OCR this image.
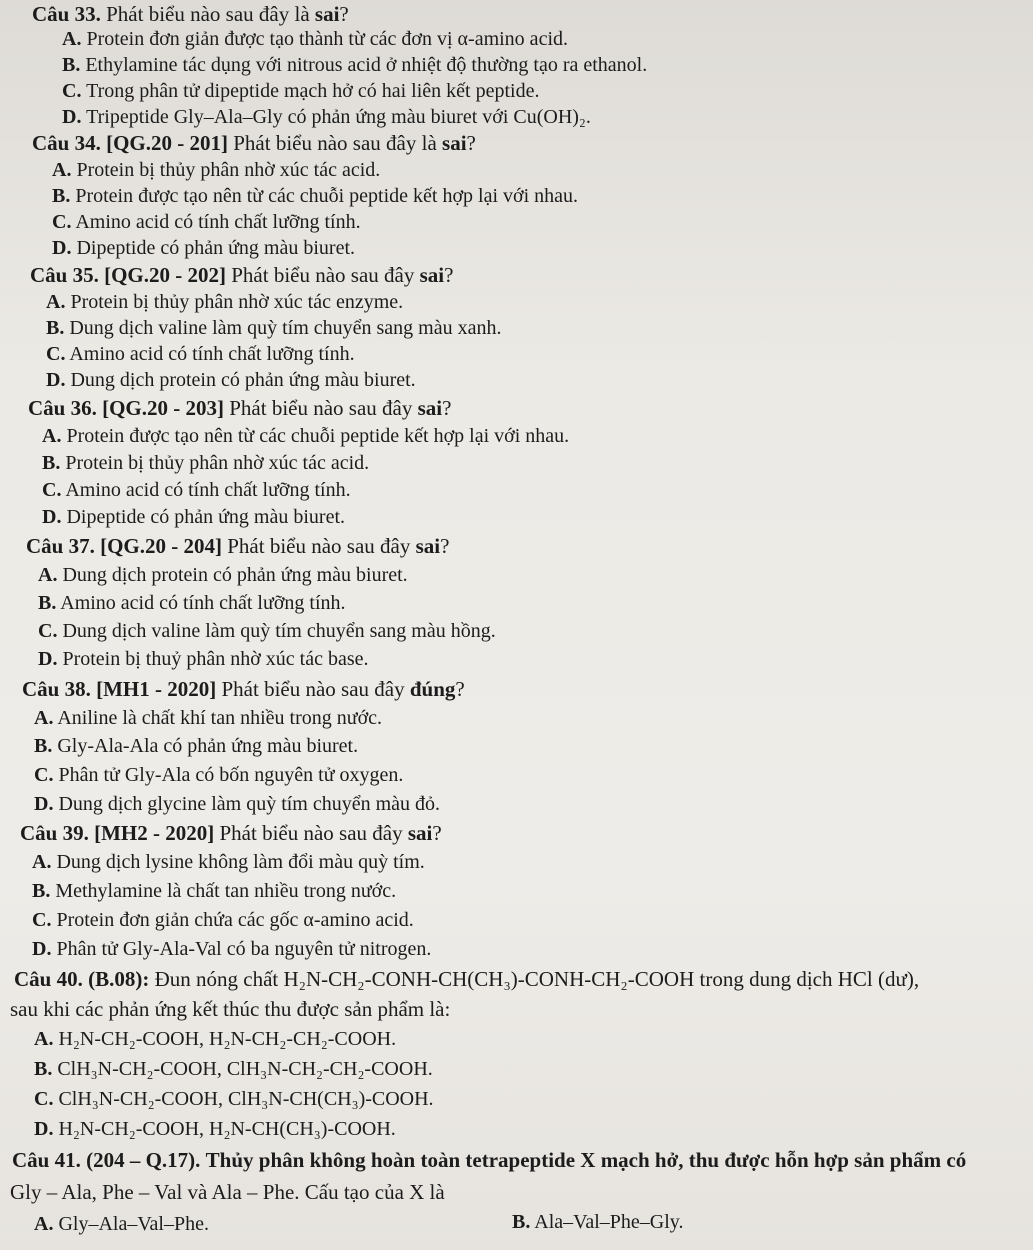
Câu 33. Phát biểu nào sau đây là sai?
A. Protein đơn giản được tạo thành từ các đơn vị α-amino acid.
B. Ethylamine tác dụng với nitrous acid ở nhiệt độ thường tạo ra ethanol.
C. Trong phân tử dipeptide mạch hở có hai liên kết peptide.
D. Tripeptide Gly–Ala–Gly có phản ứng màu biuret với Cu(OH)₂.
Câu 34. [QG.20 - 201] Phát biểu nào sau đây là sai?
A. Protein bị thủy phân nhờ xúc tác acid.
B. Protein được tạo nên từ các chuỗi peptide kết hợp lại với nhau.
C. Amino acid có tính chất lưỡng tính.
D. Dipeptide có phản ứng màu biuret.
Câu 35. [QG.20 - 202] Phát biểu nào sau đây sai?
A. Protein bị thủy phân nhờ xúc tác enzyme.
B. Dung dịch valine làm quỳ tím chuyển sang màu xanh.
C. Amino acid có tính chất lưỡng tính.
D. Dung dịch protein có phản ứng màu biuret.
Câu 36. [QG.20 - 203] Phát biểu nào sau đây sai?
A. Protein được tạo nên từ các chuỗi peptide kết hợp lại với nhau.
B. Protein bị thủy phân nhờ xúc tác acid.
C. Amino acid có tính chất lưỡng tính.
D. Dipeptide có phản ứng màu biuret.
Câu 37. [QG.20 - 204] Phát biểu nào sau đây sai?
A. Dung dịch protein có phản ứng màu biuret.
B. Amino acid có tính chất lưỡng tính.
C. Dung dịch valine làm quỳ tím chuyển sang màu hồng.
D. Protein bị thuỷ phân nhờ xúc tác base.
Câu 38. [MH1 - 2020] Phát biểu nào sau đây đúng?
A. Aniline là chất khí tan nhiều trong nước.
B. Gly-Ala-Ala có phản ứng màu biuret.
C. Phân tử Gly-Ala có bốn nguyên tử oxygen.
D. Dung dịch glycine làm quỳ tím chuyển màu đỏ.
Câu 39. [MH2 - 2020] Phát biểu nào sau đây sai?
A. Dung dịch lysine không làm đổi màu quỳ tím.
B. Methylamine là chất tan nhiều trong nước.
C. Protein đơn giản chứa các gốc α-amino acid.
D. Phân tử Gly-Ala-Val có ba nguyên tử nitrogen.
Câu 40. (B.08): Đun nóng chất H₂N-CH₂-CONH-CH(CH₃)-CONH-CH₂-COOH trong dung dịch HCl (dư),
sau khi các phản ứng kết thúc thu được sản phẩm là:
A. H₂N-CH₂-COOH, H₂N-CH₂-CH₂-COOH.
B. ClH₃N-CH₂-COOH, ClH₃N-CH₂-CH₂-COOH.
C. ClH₃N-CH₂-COOH, ClH₃N-CH(CH₃)-COOH.
D. H₂N-CH₂-COOH, H₂N-CH(CH₃)-COOH.
Câu 41. (204 – Q.17). Thủy phân không hoàn toàn tetrapeptide X mạch hở, thu được hỗn hợp sản phẩm có
Gly – Ala, Phe – Val và Ala – Phe. Cấu tạo của X là
A. Gly–Ala–Val–Phe.	B. Ala–Val–Phe–Gly.
